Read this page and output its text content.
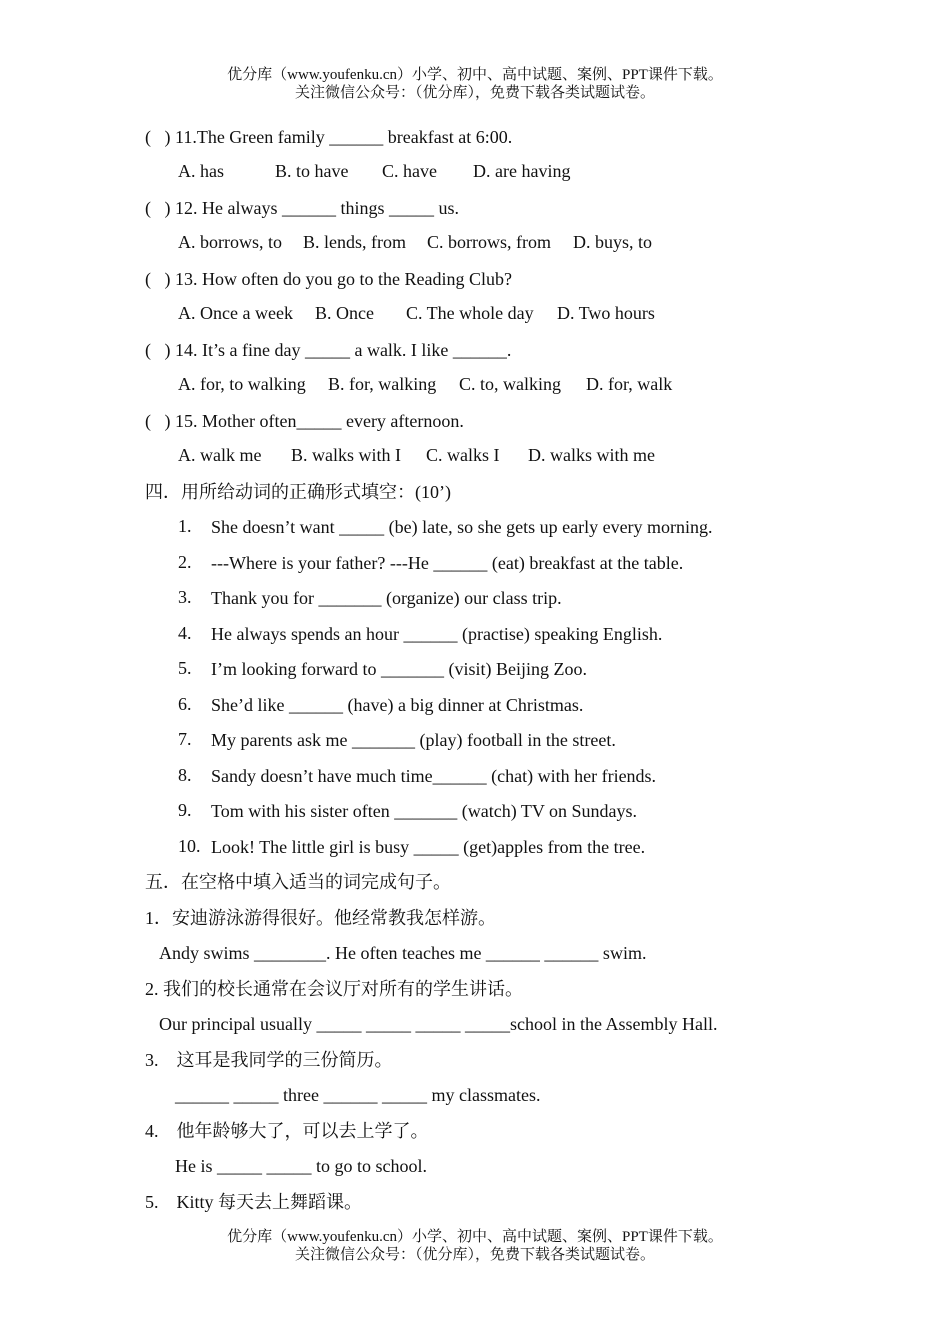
优分库（www.youfenku.cn）小学、初中、高中试题、案例、PPT课件下载。
关注微信公众号：（优分库），免费下载各类试题试卷。
(   ) 11.The Green family ______ breakfast at 6:00.
A. has	B. to have C. have D. are having
(   ) 12. He always ______ things _____ us.
A. borrows, to B. lends, from C. borrows, from D. buys, to
(   ) 13. How often do you go to the Reading Club?
A. Once a week B. Once C. The whole day D. Two hours
(   ) 14. It’s a fine day _____ a walk. I like ______.
A. for, to walking B. for, walking C. to, walking D. for, walk
(   ) 15. Mother often_____ every afternoon.
A. walk me B. walks with I C. walks I D. walks with me
四．用所给动词的正确形式填空：(10’)
1. She doesn’t want _____ (be) late, so she gets up early every morning.
2. ---Where is your father? ---He ______ (eat) breakfast at the table.
3. Thank you for _______ (organize) our class trip.
4. He always spends an hour ______ (practise) speaking English.
5. I’m looking forward to _______ (visit) Beijing Zoo.
6. She’d like ______ (have) a big dinner at Christmas.
7. My parents ask me _______ (play) football in the street.
8. Sandy doesn’t have much time______ (chat) with her friends.
9. Tom with his sister often _______ (watch) TV on Sundays.
10. Look! The little girl is busy _____ (get)apples from the tree.
五．在空格中填入适当的词完成句子。
1．安迪游泳游得很好。他经常教我怎样游。
Andy swims ________. He often teaches me ______ ______ swim.
2. 我们的校长通常在会议厅对所有的学生讲话。
Our principal usually _____ _____ _____ _____school in the Assembly Hall.
3.    这耳是我同学的三份简历。
______ _____ three ______ _____ my classmates.
4.    他年龄够大了，可以去上学了。
He is _____ _____ to go to school.
5.    Kitty 每天去上舞蹈课。
优分库（www.youfenku.cn）小学、初中、高中试题、案例、PPT课件下载。
关注微信公众号：（优分库），免费下载各类试题试卷。
